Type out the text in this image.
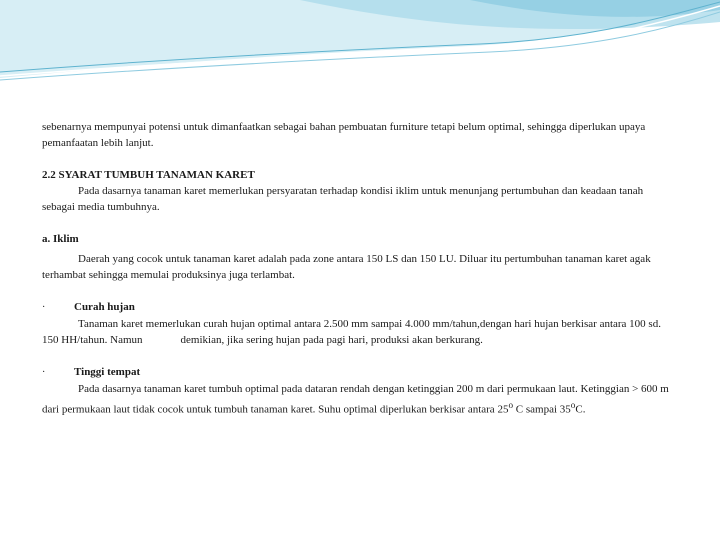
sebenarnya mempunyai potensi untuk dimanfaatkan sebagai bahan pembuatan furniture tetapi belum optimal, sehingga diperlukan upaya pemanfaatan lebih lanjut.

2.2 SYARAT TUMBUH TANAMAN KARET

Pada dasarnya tanaman karet memerlukan persyaratan terhadap kondisi iklim untuk menunjang pertumbuhan dan keadaan tanah sebagai media tumbuhnya.

a. Iklim

Daerah yang cocok untuk tanaman karet adalah pada zone antara 150 LS dan 150 LU. Diluar itu pertumbuhan tanaman karet agak terhambat sehingga memulai produksinya juga terlambat.

·	Curah hujan

Tanaman karet memerlukan curah hujan optimal antara 2.500 mm sampai 4.000 mm/tahun,dengan hari hujan berkisar antara 100 sd. 150 HH/tahun. Namun	demikian, jika sering hujan pada pagi hari, produksi akan berkurang.

·	Tinggi tempat

Pada dasarnya tanaman karet tumbuh optimal pada dataran rendah dengan ketinggian 200 m dari permukaan laut. Ketinggian > 600 m dari permukaan laut tidak cocok untuk tumbuh tanaman karet. Suhu optimal diperlukan berkisar antara 25$^o$ C sampai 35$^o$C.
